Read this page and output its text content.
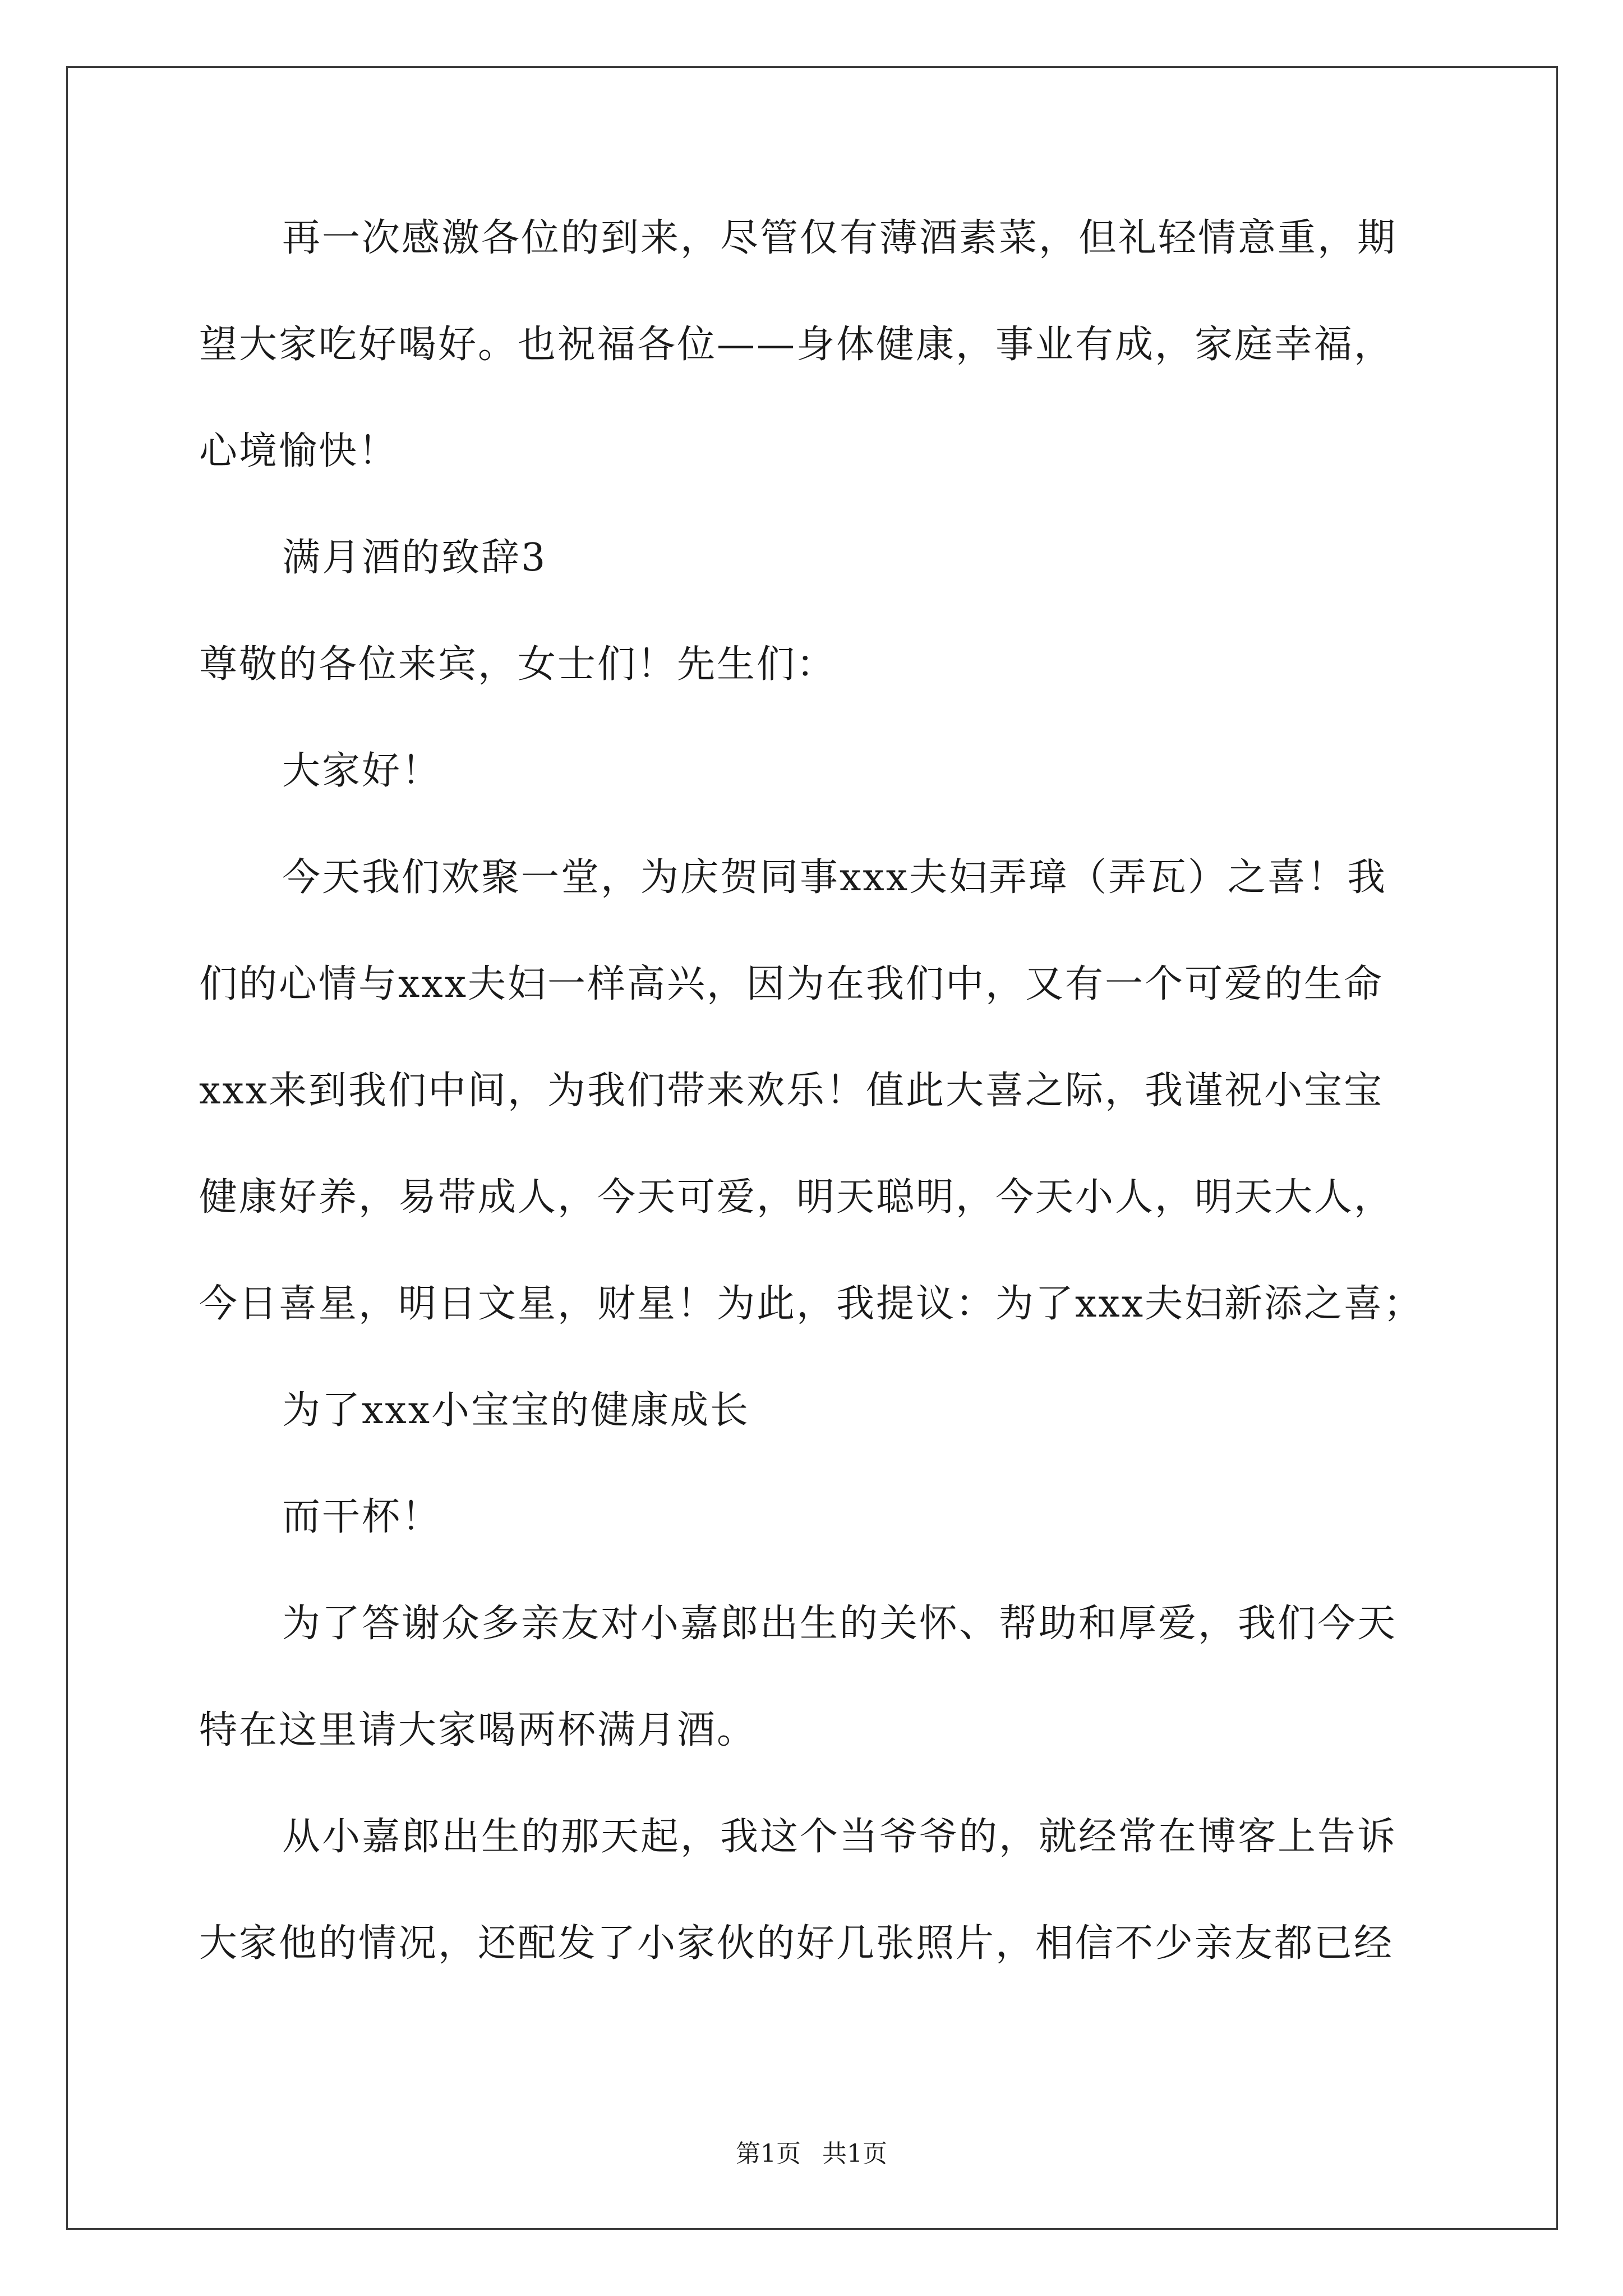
再一次感激各位的到来，尽管仅有薄酒素菜，但礼轻情意重，期
望大家吃好喝好。也祝福各位——身体健康，事业有成，家庭幸福，
心境愉快！
满月酒的致辞3
尊敬的各位来宾，女士们！先生们：
大家好！
今天我们欢聚一堂，为庆贺同事xxx夫妇弄璋（弄瓦）之喜！我
们的心情与xxx夫妇一样高兴，因为在我们中，又有一个可爱的生命
xxx来到我们中间，为我们带来欢乐！值此大喜之际，我谨祝小宝宝
健康好养，易带成人，今天可爱，明天聪明，今天小人，明天大人，
今日喜星，明日文星，财星！为此，我提议：为了xxx夫妇新添之喜；
为了xxx小宝宝的健康成长
而干杯！
为了答谢众多亲友对小嘉郎出生的关怀、帮助和厚爱，我们今天
特在这里请大家喝两杯满月酒。
从小嘉郎出生的那天起，我这个当爷爷的，就经常在博客上告诉
大家他的情况，还配发了小家伙的好几张照片，相信不少亲友都已经
第1页 共1页
